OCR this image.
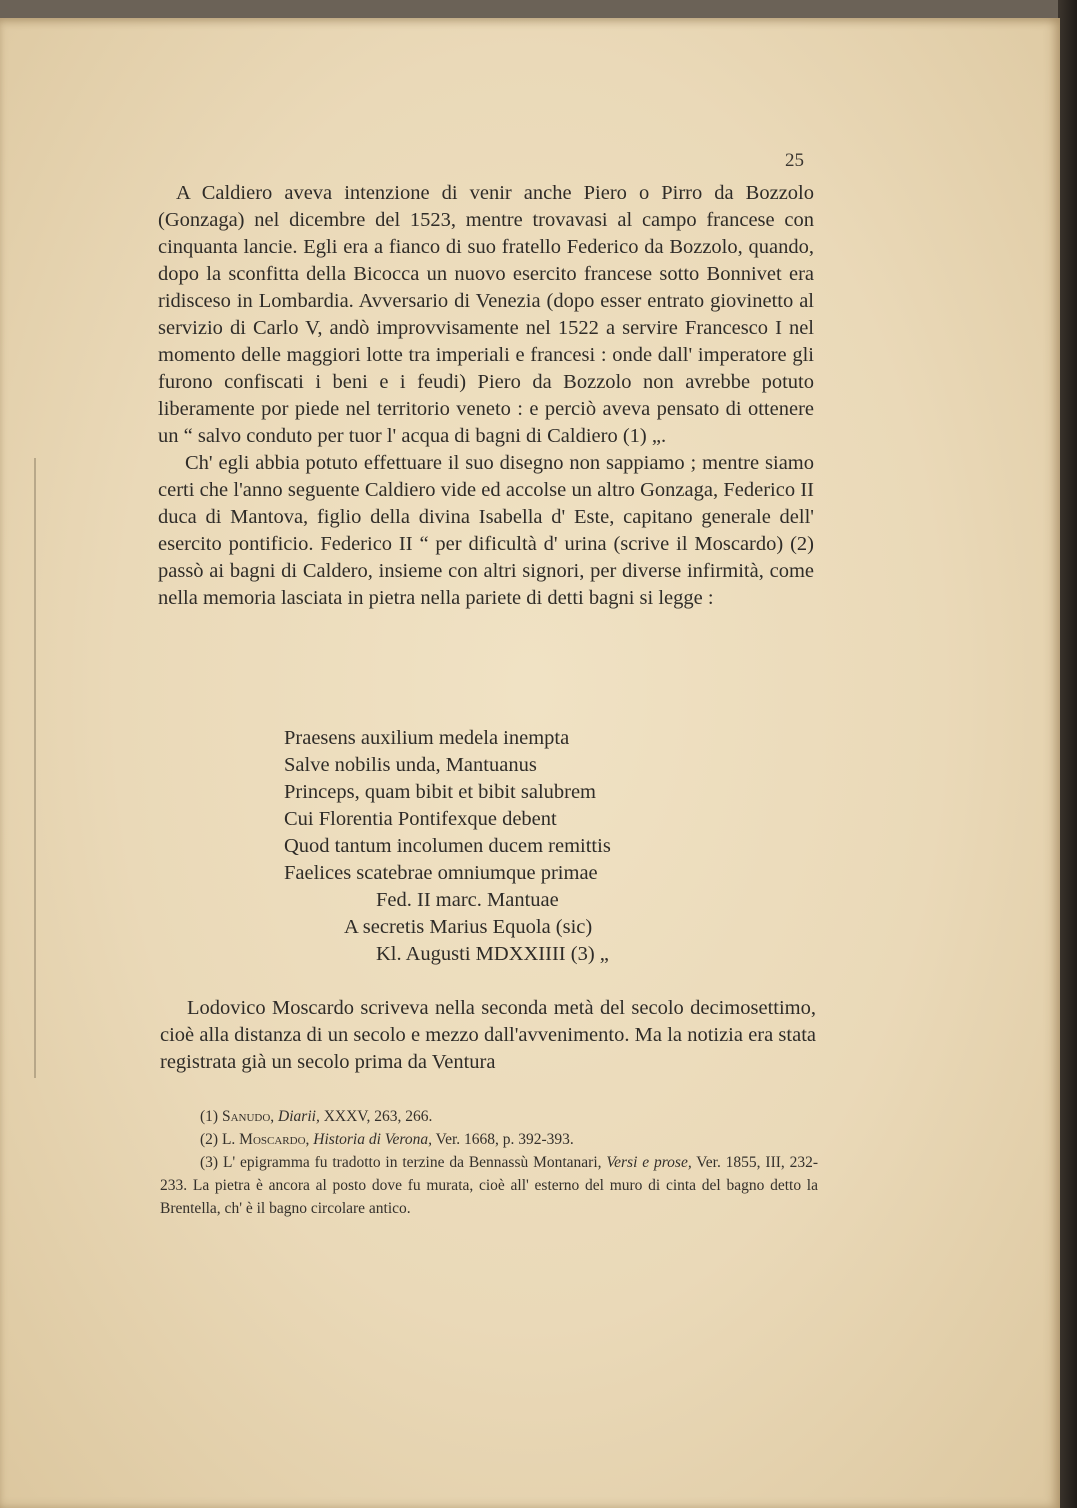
25

A Caldiero aveva intenzione di venir anche Piero o Pirro da Bozzolo (Gonzaga) nel dicembre del 1523, mentre trovavasi al campo francese con cinquanta lancie. Egli era a fianco di suo fratello Federico da Bozzolo, quando, dopo la sconfitta della Bicocca un nuovo esercito francese sotto Bonnivet era ridisceso in Lombardia. Avversario di Venezia (dopo esser entrato giovinetto al servizio di Carlo V, andò improvvisamente nel 1522 a servire Francesco I nel momento delle maggiori lotte tra imperiali e francesi : onde dall' imperatore gli furono confiscati i beni e i feudi) Piero da Bozzolo non avrebbe potuto liberamente por piede nel territorio veneto : e perciò aveva pensato di ottenere un “ salvo conduto per tuor l' acqua di bagni di Caldiero (1) „.

Ch' egli abbia potuto effettuare il suo disegno non sappiamo ; mentre siamo certi che l'anno seguente Caldiero vide ed accolse un altro Gonzaga, Federico II duca di Mantova, figlio della divina Isabella d' Este, capitano generale dell' esercito pontificio. Federico II “ per dificultà d' urina (scrive il Moscardo) (2) passò ai bagni di Caldero, insieme con altri signori, per diverse infirmità, come nella memoria lasciata in pietra nella pariete di detti bagni si legge :

Praesens auxilium medela inempta
Salve nobilis unda, Mantuanus
Princeps, quam bibit et bibit salubrem
Cui Florentia Pontifexque debent
Quod tantum incolumen ducem remittis
Faelices scatebrae omniumque primae
Fed. II marc. Mantuae
A secretis Marius Equola (sic)
Kl. Augusti MDXXIIII (3) „

Lodovico Moscardo scriveva nella seconda metà del secolo decimosettimo, cioè alla distanza di un secolo e mezzo dall'avvenimento. Ma la notizia era stata registrata già un secolo prima da Ventura

(1) Sanudo, Diarii, XXXV, 263, 266.

(2) L. Moscardo, Historia di Verona, Ver. 1668, p. 392-393.

(3) L' epigramma fu tradotto in terzine da Bennassù Montanari, Versi e prose, Ver. 1855, III, 232-233. La pietra è ancora al posto dove fu murata, cioè all' esterno del muro di cinta del bagno detto la Brentella, ch' è il bagno circolare antico.
